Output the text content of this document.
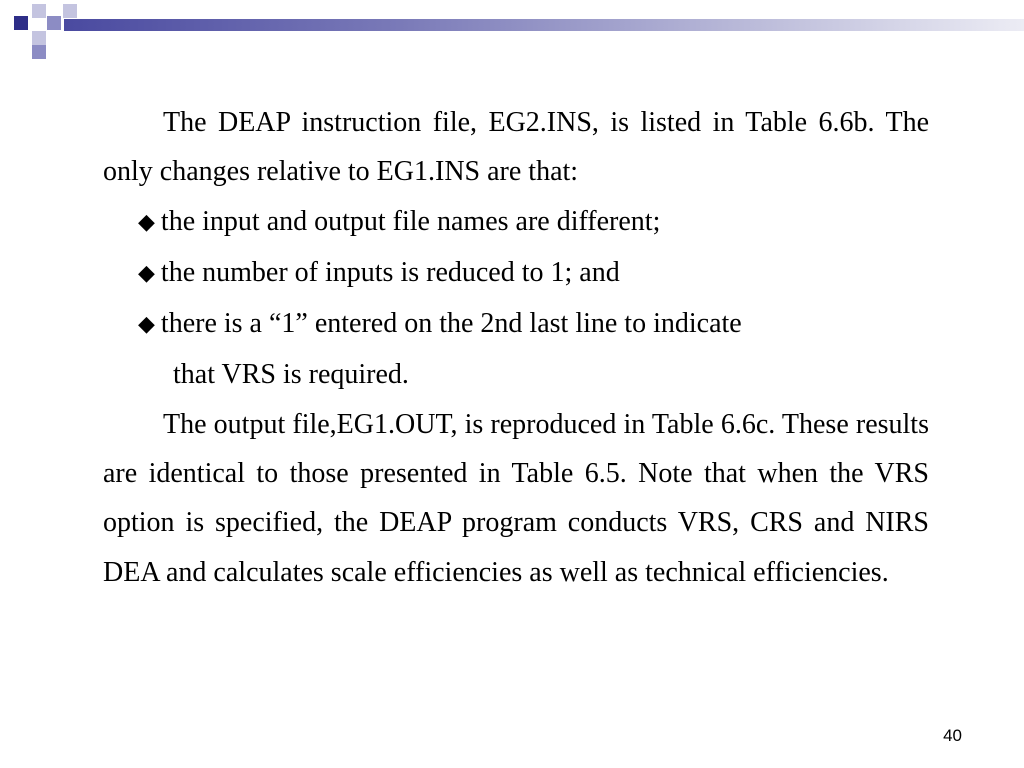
The DEAP instruction file, EG2.INS, is listed in Table 6.6b. The only changes relative to EG1.INS are that:

◆ the input and output file names are different;

◆ the number of inputs is reduced to 1; and

◆ there is a “1” entered on the 2nd last line to indicate

that VRS is required.

The output file,EG1.OUT, is reproduced in Table 6.6c. These results are identical to those presented in Table 6.5. Note that when the VRS option is specified, the DEAP program conducts VRS, CRS and NIRS DEA and calculates scale efficiencies as well as technical efficiencies.

40
